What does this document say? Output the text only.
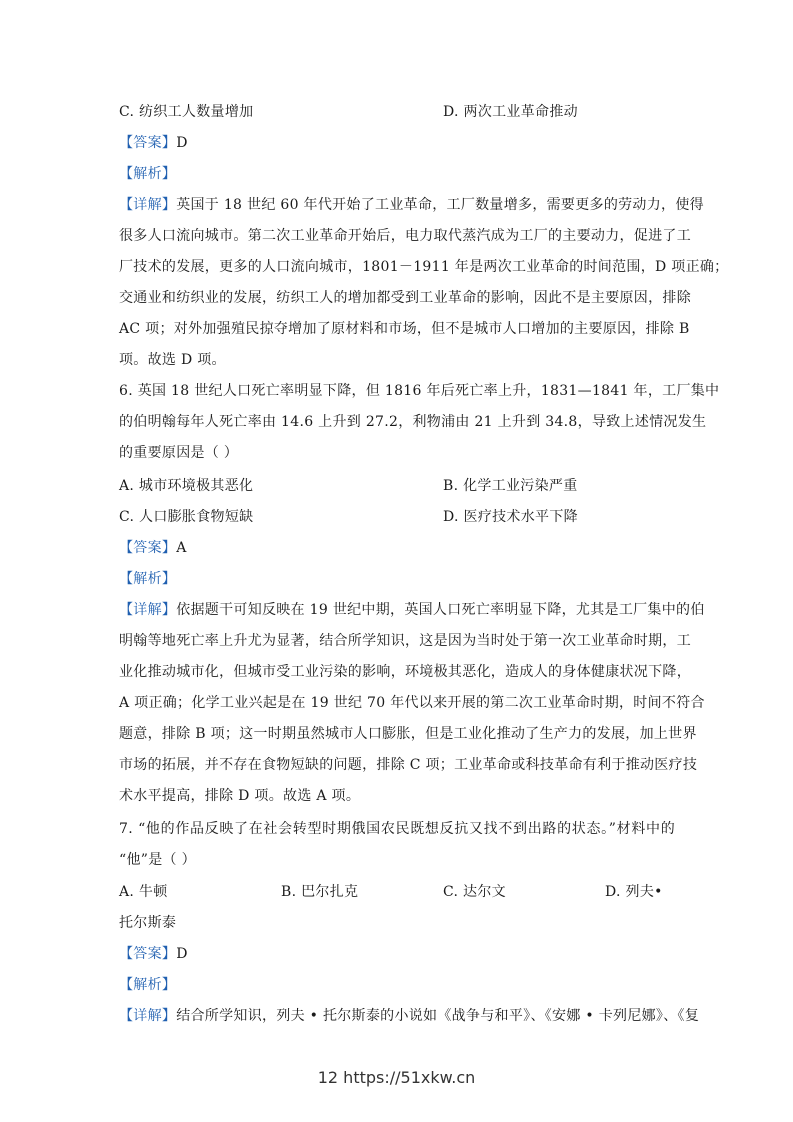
C. 纺织工人数量增加	D. 两次工业革命推动
【答案】D
【解析】
【详解】英国于 18 世纪 60 年代开始了工业革命，工厂数量增多，需要更多的劳动力，使得
很多人口流向城市。第二次工业革命开始后，电力取代蒸汽成为工厂的主要动力，促进了工
厂技术的发展，更多的人口流向城市，1801－1911 年是两次工业革命的时间范围，D 项正确；
交通业和纺织业的发展，纺织工人的增加都受到工业革命的影响，因此不是主要原因，排除
AC 项；对外加强殖民掠夺增加了原材料和市场，但不是城市人口增加的主要原因，排除 B
项。故选 D 项。
6. 英国 18 世纪人口死亡率明显下降，但 1816 年后死亡率上升，1831—1841 年，工厂集中
的伯明翰每年人死亡率由 14.6 上升到 27.2，利物浦由 21 上升到 34.8，导致上述情况发生
的重要原因是（ ）
A. 城市环境极其恶化	B. 化学工业污染严重
C. 人口膨胀食物短缺	D. 医疗技术水平下降
【答案】A
【解析】
【详解】依据题干可知反映在 19 世纪中期，英国人口死亡率明显下降，尤其是工厂集中的伯
明翰等地死亡率上升尤为显著，结合所学知识，这是因为当时处于第一次工业革命时期，工
业化推动城市化，但城市受工业污染的影响，环境极其恶化，造成人的身体健康状况下降，
A 项正确；化学工业兴起是在 19 世纪 70 年代以来开展的第二次工业革命时期，时间不符合
题意，排除 B 项；这一时期虽然城市人口膨胀，但是工业化推动了生产力的发展，加上世界
市场的拓展，并不存在食物短缺的问题，排除 C 项；工业革命或科技革命有利于推动医疗技
术水平提高，排除 D 项。故选 A 项。
7. “他的作品反映了在社会转型时期俄国农民既想反抗又找不到出路的状态。”材料中的
“他”是（ ）
A. 牛顿	B. 巴尔扎克	C. 达尔文	D. 列夫•
托尔斯泰
【答案】D
【解析】
【详解】结合所学知识，列夫 • 托尔斯泰的小说如《战争与和平》、《安娜 • 卡列尼娜》、《复
12 https://51xkw.cn
